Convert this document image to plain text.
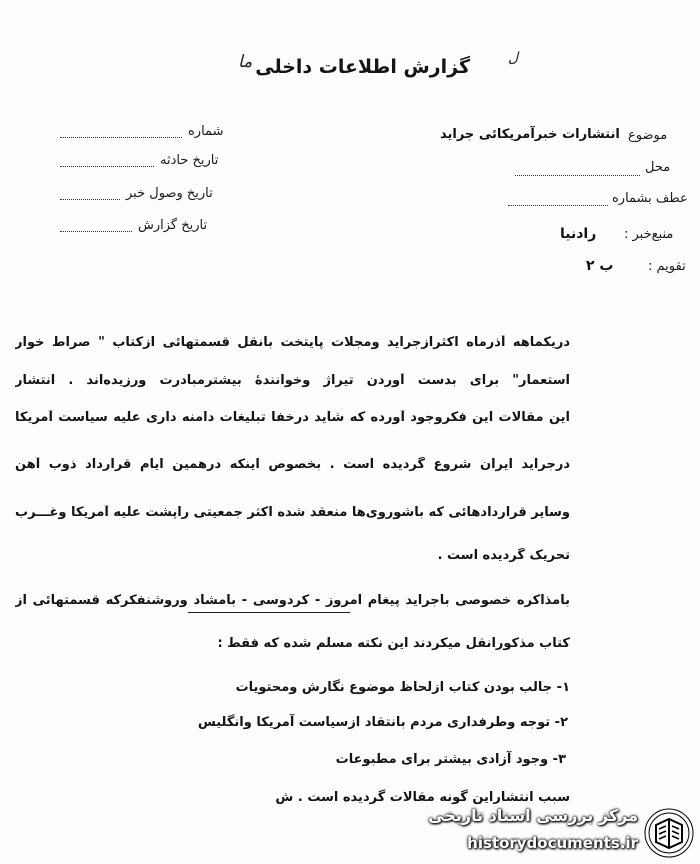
ما	ل
گزارش اطلاعات داخلی
شماره
تاریخ حادثه
تاریخ وصول خبر
تاریخ گزارش
موضوع
انتشارات خبرآمریکائی جراید
محل
عطف بشماره
منبع‌خبر :
رادنیا
تقویم :
ب ۲
دریکماهه آذرماه اکثرازجراید ومجلات پایتخت بانقل قسمتهائی ازکتاب " صراط خوار
استعمار" برای بدست آوردن تیراژ وخوانندهٔ بیشترمبادرت ورزیده‌اند . انتشار
این مقالات این فکروجود آورده که شاید درخفا تبلیغات دامنه داری علیه سیاست آمریکا
درجراید ایران شروع گردیده است . بخصوص اینکه درهمین ایام قرارداد ذوب آهن
وسایر قراردادهائی که باشوروی‌ها منعقد شده اکثر جمعیتی راپشت علیه آمریکا وغـــرب
تحریک گردیده است .
بامذاکره خصوصی باجراید پیغام امروز - کردوسی - بامشاد وروشنفکرکه قسمتهائی از
کتاب مذکورانقل میکردند این نکته مسلم شده که فقط :
۱- جالب بودن کتاب ازلحاظ موضوع نگارش ومحتویات
۲- توجه وطرفداری مردم بانتقاد ازسیاست آمریکا وانگلیس
۳- وجود آزادی بیشتر برای مطبوعات
سبب انتشاراین گونه مقالات گردیده است . ش
مرکز بررسی اسناد تاریخی
historydocuments.ir
